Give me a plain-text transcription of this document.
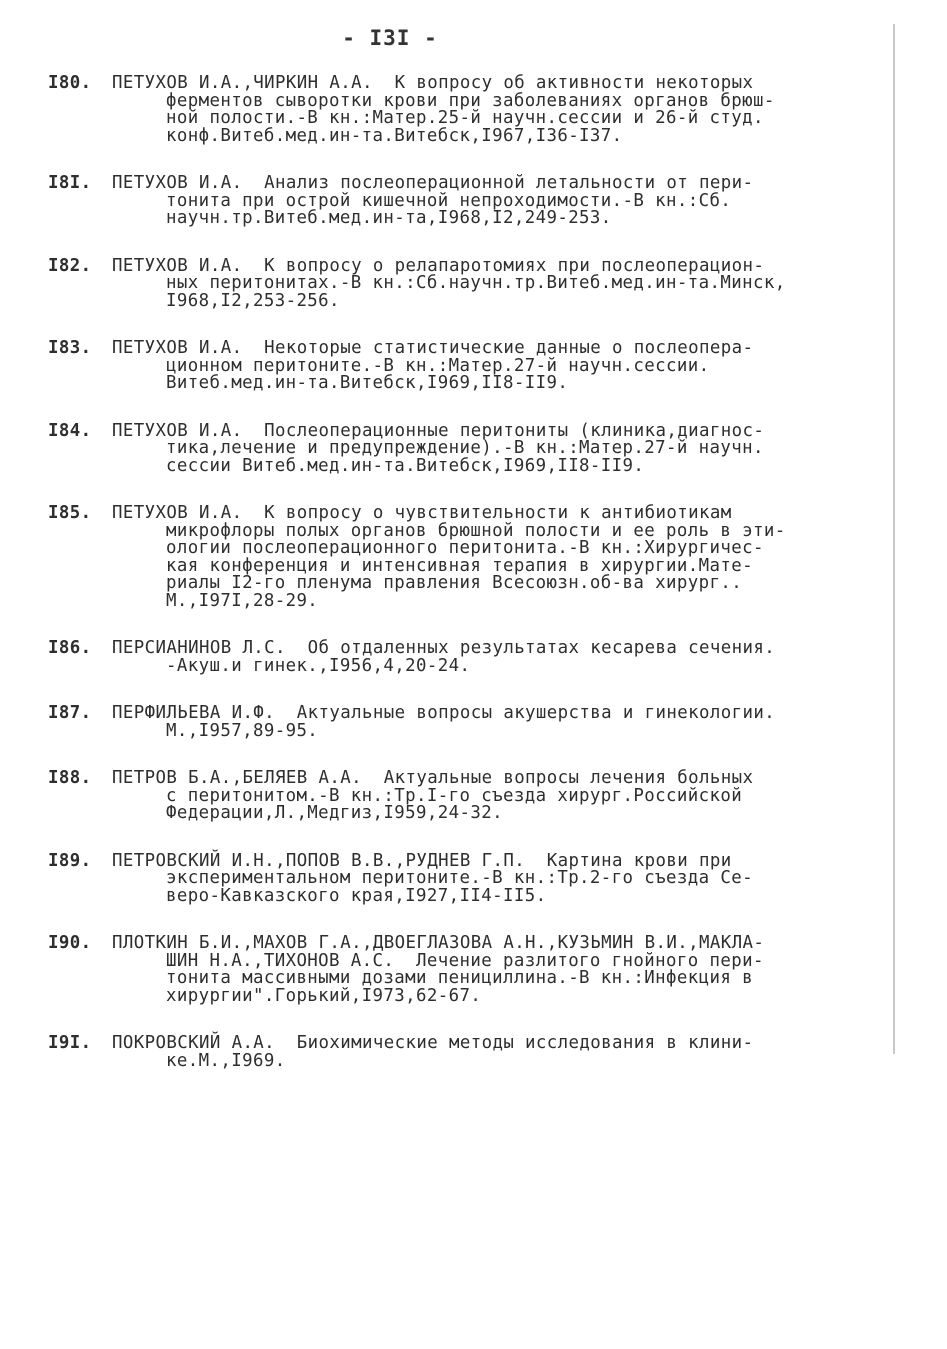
- I3I -
I80. ПЕТУХОВ И.А.,ЧИРКИН А.А.  К вопросу об активности некоторых
ферментов сыворотки крови при заболеваниях органов брюш-
ной полости.-В кн.:Матер.25-й научн.сессии и 26-й студ.
конф.Витеб.мед.ин-та.Витебск,I967,I36-I37.
I8I. ПЕТУХОВ И.А.  Анализ послеоперационной летальности от пери-
тонита при острой кишечной непроходимости.-В кн.:Сб.
научн.тр.Витеб.мед.ин-та,I968,I2,249-253.
I82. ПЕТУХОВ И.А.  К вопросу о релапаротомиях при послеоперацион-
ных перитонитах.-В кн.:Сб.научн.тр.Витеб.мед.ин-та.Минск,
I968,I2,253-256.
I83. ПЕТУХОВ И.А.  Некоторые статистические данные о послеопера-
ционном перитоните.-В кн.:Матер.27-й научн.сессии.
Витеб.мед.ин-та.Витебск,I969,II8-II9.
I84. ПЕТУХОВ И.А.  Послеоперационные перитониты (клиника,диагнос-
тика,лечение и предупреждение).-В кн.:Матер.27-й научн.
сессии Витеб.мед.ин-та.Витебск,I969,II8-II9.
I85. ПЕТУХОВ И.А.  К вопросу о чувствительности к антибиотикам
микрофлоры полых органов брюшной полости и ее роль в эти-
ологии послеоперационного перитонита.-В кн.:Хирургичес-
кая конференция и интенсивная терапия в хирургии.Мате-
риалы I2-го пленума правления Всесоюзн.об-ва хирург..
М.,I97I,28-29.
I86. ПЕРСИАНИНОВ Л.С.  Об отдаленных результатах кесарева сечения.
-Акуш.и гинек.,I956,4,20-24.
I87. ПЕРФИЛЬЕВА И.Ф.  Актуальные вопросы акушерства и гинекологии.
М.,I957,89-95.
I88. ПЕТРОВ Б.А.,БЕЛЯЕВ А.А.  Актуальные вопросы лечения больных
с перитонитом.-В кн.:Тр.I-го съезда хирург.Российской
Федерации,Л.,Медгиз,I959,24-32.
I89. ПЕТРОВСКИЙ И.Н.,ПОПОВ В.В.,РУДНЕВ Г.П.  Картина крови при
экспериментальном перитоните.-В кн.:Тр.2-го съезда Се-
веро-Кавказского края,I927,II4-II5.
I90. ПЛОТКИН Б.И.,МАХОВ Г.А.,ДВОЕГЛАЗОВА А.Н.,КУЗЬМИН В.И.,МАКЛА-
ШИН Н.А.,ТИХОНОВ А.С.  Лечение разлитого гнойного пери-
тонита массивными дозами пенициллина.-В кн.:Инфекция в
хирургии".Горький,I973,62-67.
I9I. ПОКРОВСКИЙ А.А.  Биохимические методы исследования в клини-
ке.М.,I969.
